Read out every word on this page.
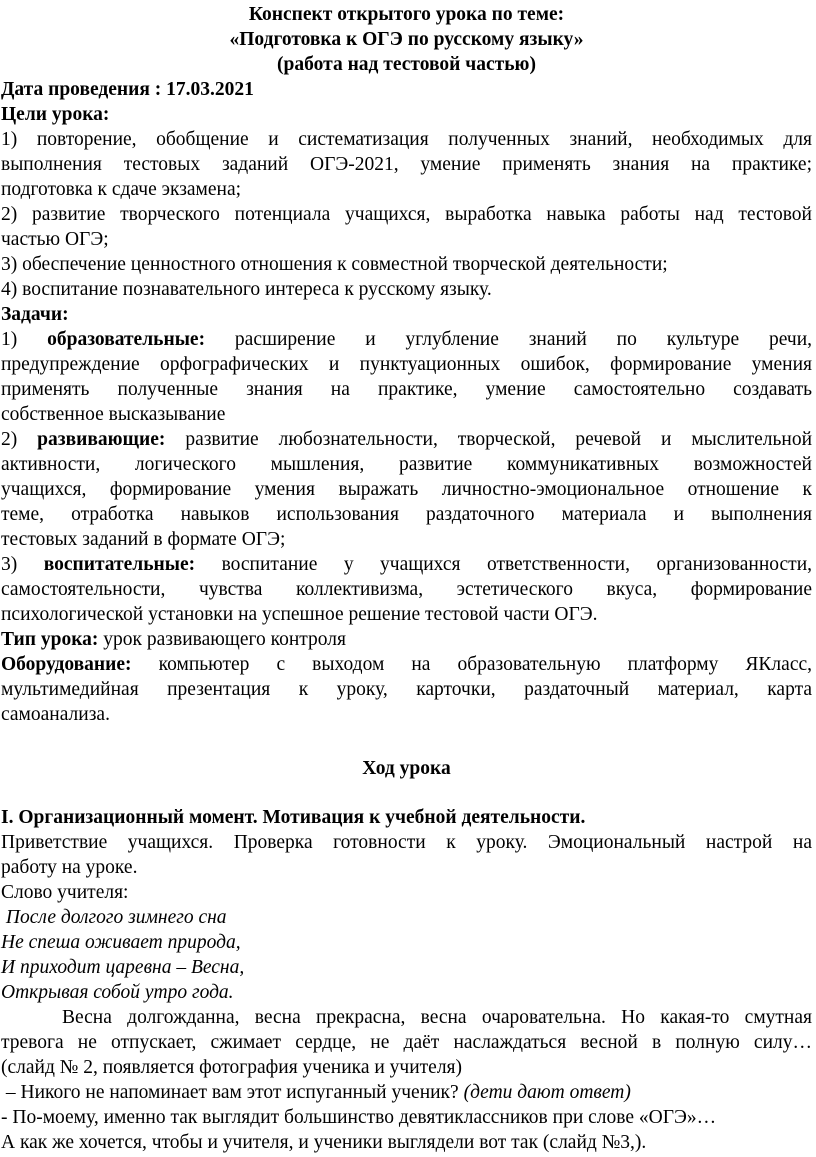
Конспект открытого урока по теме:
«Подготовка к ОГЭ по русскому языку»
(работа над тестовой частью)
Дата проведения : 17.03.2021
Цели урока:
1) повторение, обобщение и систематизация полученных знаний, необходимых для
выполнения тестовых заданий ОГЭ-2021, умение применять знания на практике;
подготовка к сдаче экзамена;
2) развитие творческого потенциала учащихся, выработка навыка работы над тестовой
частью ОГЭ;
3) обеспечение ценностного отношения к совместной творческой деятельности;
4) воспитание познавательного интереса к русскому языку.
Задачи:
1) образовательные: расширение и углубление знаний по культуре речи,
предупреждение орфографических и пунктуационных ошибок, формирование умения
применять полученные знания на практике, умение самостоятельно создавать
собственное высказывание
2) развивающие: развитие любознательности, творческой, речевой и мыслительной
активности, логического мышления, развитие коммуникативных возможностей
учащихся, формирование умения выражать личностно-эмоциональное отношение к
теме, отработка навыков использования раздаточного материала и выполнения
тестовых заданий в формате ОГЭ;
3) воспитательные: воспитание у учащихся ответственности, организованности,
самостоятельности, чувства коллективизма, эстетического вкуса, формирование
психологической установки на успешное решение тестовой части ОГЭ.
Тип урока: урок развивающего контроля
Оборудование: компьютер с выходом на образовательную платформу ЯКласс,
мультимедийная презентация к уроку, карточки, раздаточный материал, карта
самоанализа.
Ход урока
I. Организационный момент. Мотивация к учебной деятельности.
Приветствие учащихся. Проверка готовности к уроку. Эмоциональный настрой на
работу на уроке.
Слово учителя:
После долгого зимнего сна
Не спеша оживает природа,
И приходит царевна – Весна,
Открывая собой утро года.
Весна долгожданна, весна прекрасна, весна очаровательна. Но какая-то смутная
тревога не отпускает, сжимает сердце, не даёт наслаждаться весной в полную силу…
(слайд № 2, появляется фотография ученика и учителя)
– Никого не напоминает вам этот испуганный ученик? (дети дают ответ)
- По-моему, именно так выглядит большинство девятиклассников при слове «ОГЭ»…
А как же хочется, чтобы и учителя, и ученики выглядели вот так (слайд №3,).
